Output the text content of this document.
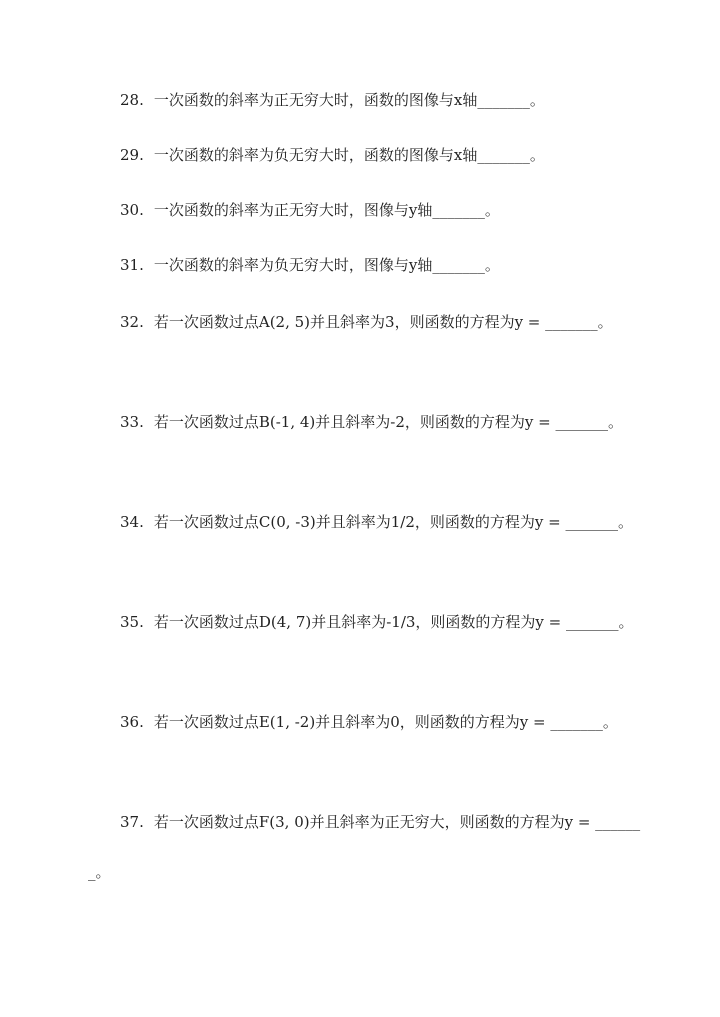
28. 一次函数的斜率为正无穷大时，函数的图像与x轴_______。

29. 一次函数的斜率为负无穷大时，函数的图像与x轴_______。

30. 一次函数的斜率为正无穷大时，图像与y轴_______。

31. 一次函数的斜率为负无穷大时，图像与y轴_______。

32. 若一次函数过点A(2, 5)并且斜率为3，则函数的方程为y = _______。

33. 若一次函数过点B(-1, 4)并且斜率为-2，则函数的方程为y = _______。

34. 若一次函数过点C(0, -3)并且斜率为1/2，则函数的方程为y = _______。

35. 若一次函数过点D(4, 7)并且斜率为-1/3，则函数的方程为y = _______。

36. 若一次函数过点E(1, -2)并且斜率为0，则函数的方程为y = _______。

37. 若一次函数过点F(3, 0)并且斜率为正无穷大，则函数的方程为y = _______。
